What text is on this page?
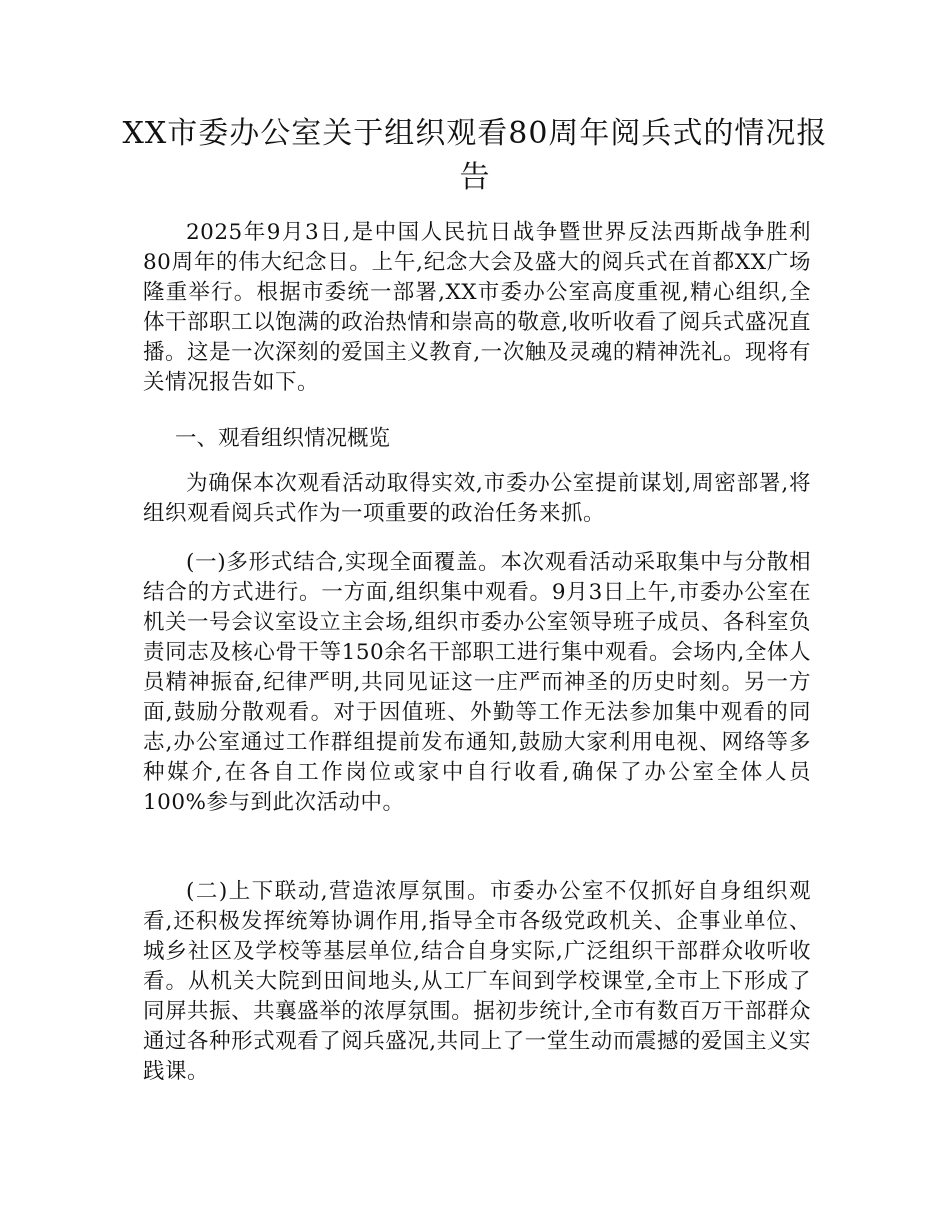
XX市委办公室关于组织观看80周年阅兵式的情况报告

2025年9月3日,是中国人民抗日战争暨世界反法西斯战争胜利80周年的伟大纪念日。上午,纪念大会及盛大的阅兵式在首都XX广场隆重举行。根据市委统一部署,XX市委办公室高度重视,精心组织,全体干部职工以饱满的政治热情和崇高的敬意,收听收看了阅兵式盛况直播。这是一次深刻的爱国主义教育,一次触及灵魂的精神洗礼。现将有关情况报告如下。

一、观看组织情况概览

为确保本次观看活动取得实效,市委办公室提前谋划,周密部署,将组织观看阅兵式作为一项重要的政治任务来抓。

(一)多形式结合,实现全面覆盖。本次观看活动采取集中与分散相结合的方式进行。一方面,组织集中观看。9月3日上午,市委办公室在机关一号会议室设立主会场,组织市委办公室领导班子成员、各科室负责同志及核心骨干等150余名干部职工进行集中观看。会场内,全体人员精神振奋,纪律严明,共同见证这一庄严而神圣的历史时刻。另一方面,鼓励分散观看。对于因值班、外勤等工作无法参加集中观看的同志,办公室通过工作群组提前发布通知,鼓励大家利用电视、网络等多种媒介,在各自工作岗位或家中自行收看,确保了办公室全体人员100%参与到此次活动中。

(二)上下联动,营造浓厚氛围。市委办公室不仅抓好自身组织观看,还积极发挥统筹协调作用,指导全市各级党政机关、企事业单位、城乡社区及学校等基层单位,结合自身实际,广泛组织干部群众收听收看。从机关大院到田间地头,从工厂车间到学校课堂,全市上下形成了同屏共振、共襄盛举的浓厚氛围。据初步统计,全市有数百万干部群众通过各种形式观看了阅兵盛况,共同上了一堂生动而震撼的爱国主义实践课。
